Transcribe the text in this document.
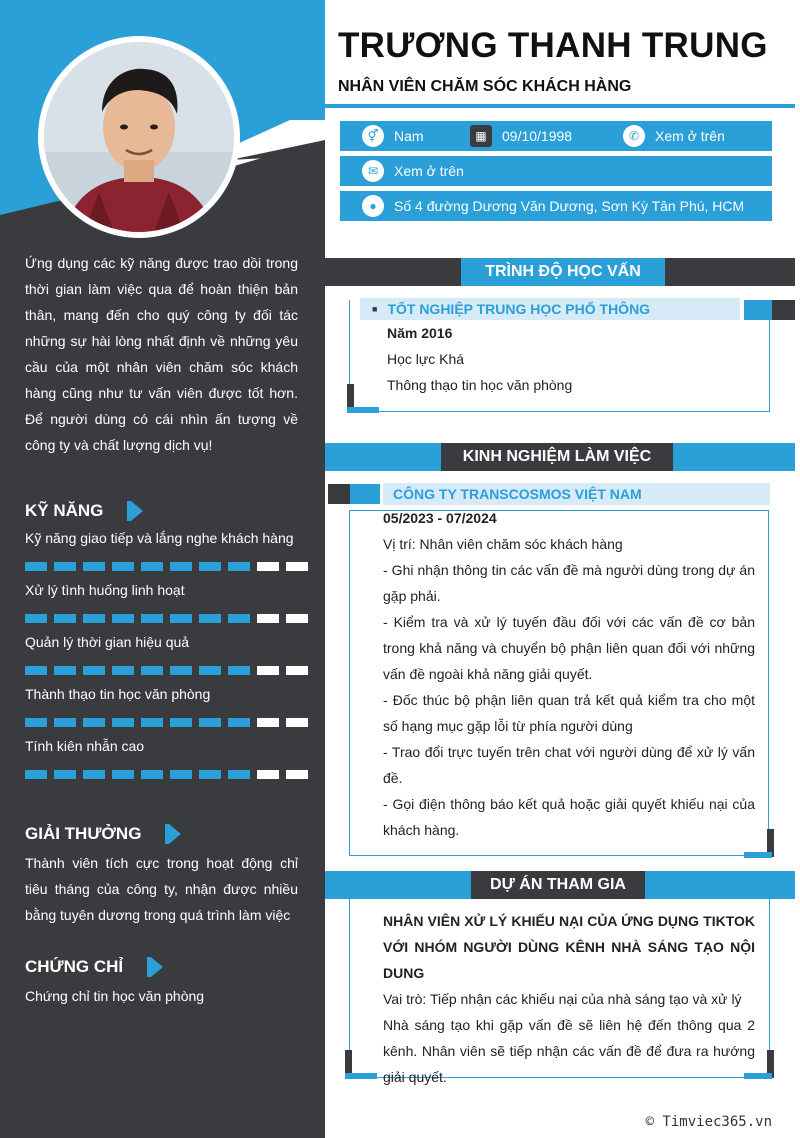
Ứng dụng các kỹ năng được trao dồi trong thời gian làm việc qua để hoàn thiện bản thân, mang đến cho quý công ty đối tác những sự hài lòng nhất định về những yêu cầu của một nhân viên chăm sóc khách hàng cũng như tư vấn viên được tốt hơn. Để người dùng có cái nhìn ấn tượng về công ty và chất lượng dịch vụ!
KỸ NĂNG
Kỹ năng giao tiếp và lắng nghe khách hàng
Xử lý tình huống linh hoạt
Quản lý thời gian hiệu quả
Thành thạo tin học văn phòng
Tính kiên nhẫn cao
GIẢI THƯỞNG
Thành viên tích cực trong hoạt động chỉ tiêu tháng của công ty, nhận được nhiều bằng tuyên dương trong quá trình làm việc
CHỨNG CHỈ
Chứng chỉ tin học văn phòng
TRƯƠNG THANH TRUNG
NHÂN VIÊN CHĂM SÓC KHÁCH HÀNG
⚥	Nam	▦	09/10/1998	✆	Xem ở trên
✉	Xem ở trên
●	Số 4 đường Dương Văn Dương, Sơn Kỳ Tân Phú, HCM
TRÌNH ĐỘ HỌC VẤN
■ TỐT NGHIỆP TRUNG HỌC PHỔ THÔNG
Năm 2016
Học lực Khá
Thông thạo tin học văn phòng
KINH NGHIỆM LÀM VIỆC
CÔNG TY TRANSCOSMOS VIỆT NAM
05/2023 - 07/2024
Vị trí: Nhân viên chăm sóc khách hàng
- Ghi nhận thông tin các vấn đề mà người dùng trong dự án gặp phải.
- Kiểm tra và xử lý tuyến đầu đối với các vấn đề cơ bản trong khả năng và chuyển bộ phận liên quan đối với những vấn đề ngoài khả năng giải quyết.
- Đốc thúc bộ phận liên quan trả kết quả kiểm tra cho một số hạng mục gặp lỗi từ phía người dùng
- Trao đổi trực tuyến trên chat với người dùng để xử lý vấn đề.
- Gọi điện thông báo kết quả hoặc giải quyết khiếu nại của khách hàng.
DỰ ÁN THAM GIA
NHÂN VIÊN XỬ LÝ KHIẾU NẠI CỦA ỨNG DỤNG TIKTOK VỚI NHÓM NGƯỜI DÙNG KÊNH NHÀ SÁNG TẠO NỘI DUNG
Vai trò: Tiếp nhận các khiếu nại của nhà sáng tạo và xử lý
Nhà sáng tạo khi gặp vấn đề sẽ liên hệ đến thông qua 2 kênh. Nhân viên sẽ tiếp nhận các vấn đề để đưa ra hướng giải quyết.
© Timviec365.vn
